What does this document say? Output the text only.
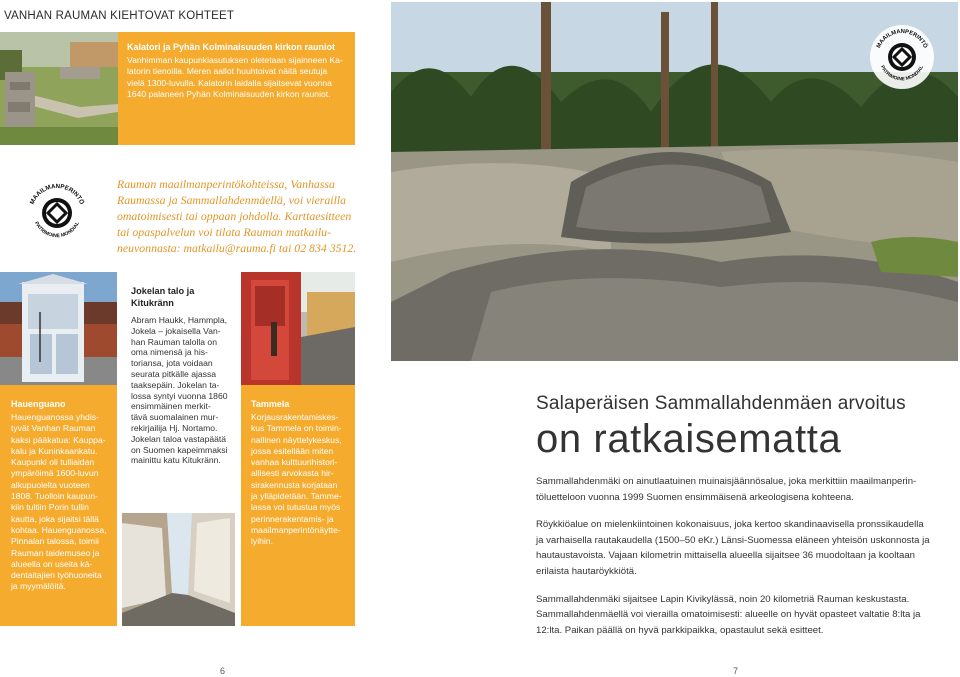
VANHAN RAUMAN KIEHTOVAT KOHTEET
Kalatori ja Pyhän Kolminaisuuden kirkon rauniot
Vanhimman kaupunkiasutuksen oletetaan sijainneen Ka-
latorin tienoilla. Meren aallot huuhtoivat näitä seutuja
vielä 1300-luvulla. Kalatorin laidalla sijaitsevat vuonna
1640 palaneen Pyhän Kolminaisuuden kirkon rauniot.
MAAILMANPERINTÖ
PATRIMOINE MONDIAL
Rauman maailmanperintökohteissa, Vanhassa
Raumassa ja Sammallahdenmäellä, voi vierailla
omatoimisesti tai oppaan johdolla. Karttaesitteen
tai opaspalvelun voi tilata Rauman matkailu-
neuvonnasta: matkailu@rauma.fi tai 02 834 3512.
Hauenguano
Hauenguanossa yhdis-
tyvät Vanhan Rauman
kaksi pääkatua: Kauppa-
kalu ja Kuninkaankatu.
Kaupunki oli tulliaidan
ympäröimä 1600-luvun
alkupuolelta vuoteen
1808. Tuolloin kaupun-
kiin tultiin Porin tullin
kautta, joka sijaitsi tällä
kohtaa. Hauenguanossa,
Pinnalan talossa, toimii
Rauman taidemuseo ja
alueella on useita kä-
dentaitajien työhuoneita
ja myymälöitä.
Jokelan talo ja
Kitukränn
Abram Haukk, Hammpla,
Jokela – jokaisella Van-
han Rauman talolla on
oma nimensä ja his-
toriansa, jota voidaan
seurata pitkälle ajassa
taaksepäin. Jokelan ta-
lossa syntyi vuonna 1860
ensimmäinen merkit-
tävä suomalainen mur-
rekirjailija Hj. Nortamo.
Jokelan taloa vastapäätä
on Suomen kapeimmaksi
mainittu katu Kitukränn.
Tammela
Korjausrakentamiskes-
kus Tammela on toimin-
nallinen näyttelykeskus,
jossa esitellään miten
vanhaa kulttuurihistori-
allisesti arvokasta hir-
sirakennusta korjataan
ja ylläpidetään. Tamme-
lassa voi tutustua myös
perinnerakentamis- ja
maailmanperintönäytte-
lyihin.
MAAILMANPERINTÖ
PATRIMOINE MONDIAL
Salaperäisen Sammallahdenmäen arvoitus
on ratkaisematta
Sammallahdenmäki on ainutlaatuinen muinaisjäännösalue, joka merkittiin maailmanperin-
töluetteloon vuonna 1999 Suomen ensimmäisenä arkeologisena kohteena.
Röykkiöalue on mielenkiintoinen kokonaisuus, joka kertoo skandinaavisella pronssikaudella
ja varhaisella rautakaudella (1500–50 eKr.) Länsi-Suomessa eläneen yhteisön uskonnosta ja
hautaustavoista. Vajaan kilometrin mittaisella alueella sijaitsee 36 muodoltaan ja kooltaan
erilaista hautaröykkiötä.
Sammallahdenmäki sijaitsee Lapin Kivikylässä, noin 20 kilometriä Rauman keskustasta.
Sammallahdenmäellä voi vierailla omatoimisesti: alueelle on hyvät opasteet valtatie 8:lta ja
12:lta. Paikan päällä on hyvä parkkipaikka, opastaulut sekä esitteet.
6	7
